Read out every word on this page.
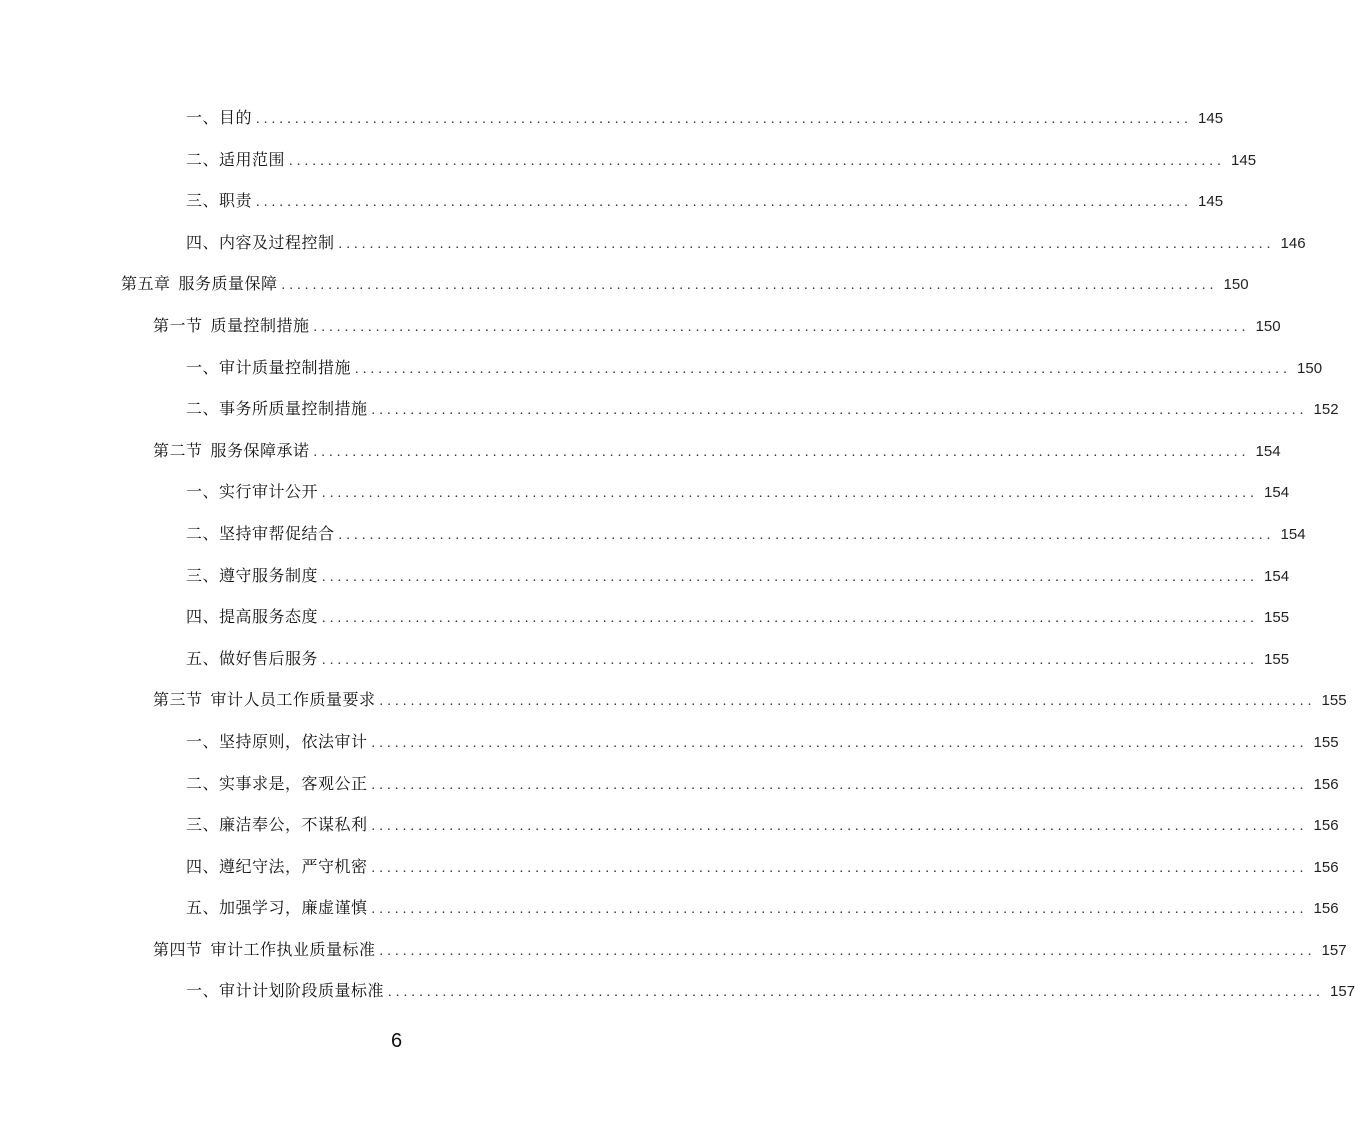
一、目的 ........................................................................................................................ 145
二、适用范围 ........................................................................................................................ 145
三、职责 ........................................................................................................................ 145
四、内容及过程控制 ........................................................................................................................ 146
第五章 服务质量保障 ........................................................................................................................ 150
第一节 质量控制措施 ........................................................................................................................ 150
一、审计质量控制措施 ........................................................................................................................ 150
二、事务所质量控制措施 ........................................................................................................................ 152
第二节 服务保障承诺 ........................................................................................................................ 154
一、实行审计公开 ........................................................................................................................ 154
二、坚持审帮促结合 ........................................................................................................................ 154
三、遵守服务制度 ........................................................................................................................ 154
四、提高服务态度 ........................................................................................................................ 155
五、做好售后服务 ........................................................................................................................ 155
第三节 审计人员工作质量要求 ........................................................................................................................ 155
一、坚持原则，依法审计 ........................................................................................................................ 155
二、实事求是，客观公正 ........................................................................................................................ 156
三、廉洁奉公，不谋私利 ........................................................................................................................ 156
四、遵纪守法，严守机密 ........................................................................................................................ 156
五、加强学习，廉虚谨慎 ........................................................................................................................ 156
第四节 审计工作执业质量标准 ........................................................................................................................ 157
一、审计计划阶段质量标准 ........................................................................................................................ 157
6
